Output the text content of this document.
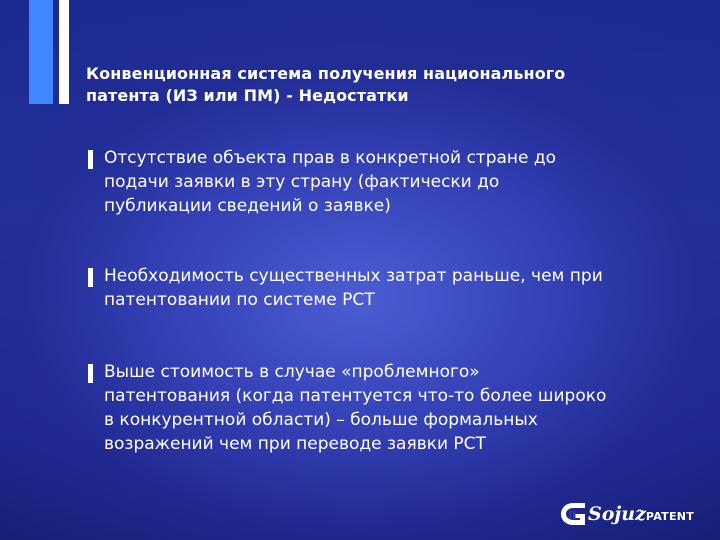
Конвенционная система получения национального
патента (ИЗ или ПМ) - Недостатки
Отсутствие объекта прав в конкретной стране до
подачи заявки в эту страну (фактически до
публикации сведений о заявке)
Необходимость существенных затрат раньше, чем при
патентовании по системе PCT
Выше стоимость в случае «проблемного»
патентования (когда патентуется что-то более широко
в конкурентной области) – больше формальных
возражений чем при переводе заявки PCT
SojuzPATENT
